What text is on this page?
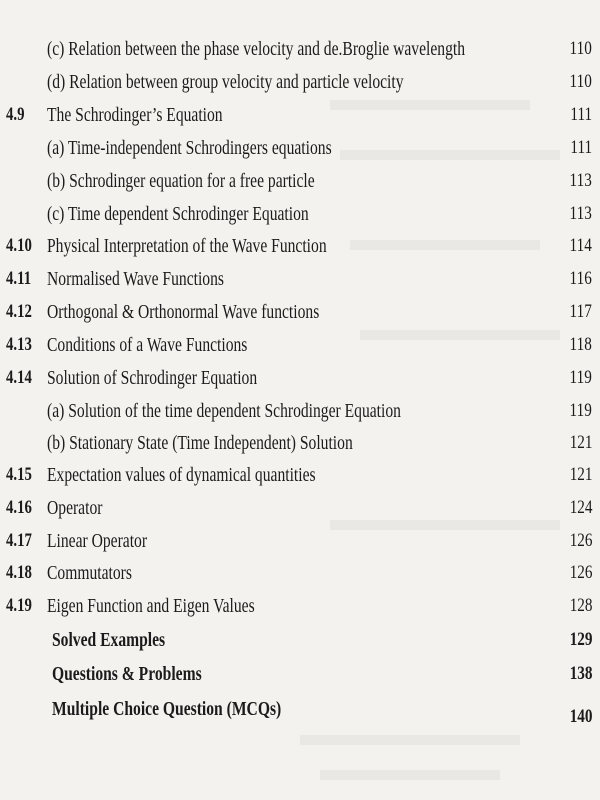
(c) Relation between the phase velocity and de.Broglie wavelength	110
(d) Relation between group velocity and particle velocity	110
4.9 The Schrodinger’s Equation	111
(a) Time-independent Schrodingers equations	111
(b) Schrodinger equation for a free particle	113
(c) Time dependent Schrodinger Equation	113
4.10 Physical Interpretation of the Wave Function	114
4.11 Normalised Wave Functions	116
4.12 Orthogonal & Orthonormal Wave functions	117
4.13 Conditions of a Wave Functions	118
4.14 Solution of Schrodinger Equation	119
(a) Solution of the time dependent Schrodinger Equation	119
(b) Stationary State (Time Independent) Solution	121
4.15 Expectation values of dynamical quantities	121
4.16 Operator	124
4.17 Linear Operator	126
4.18 Commutators	126
4.19 Eigen Function and Eigen Values	128
Solved Examples	129
Questions & Problems	138
Multiple Choice Question (MCQs)	140
